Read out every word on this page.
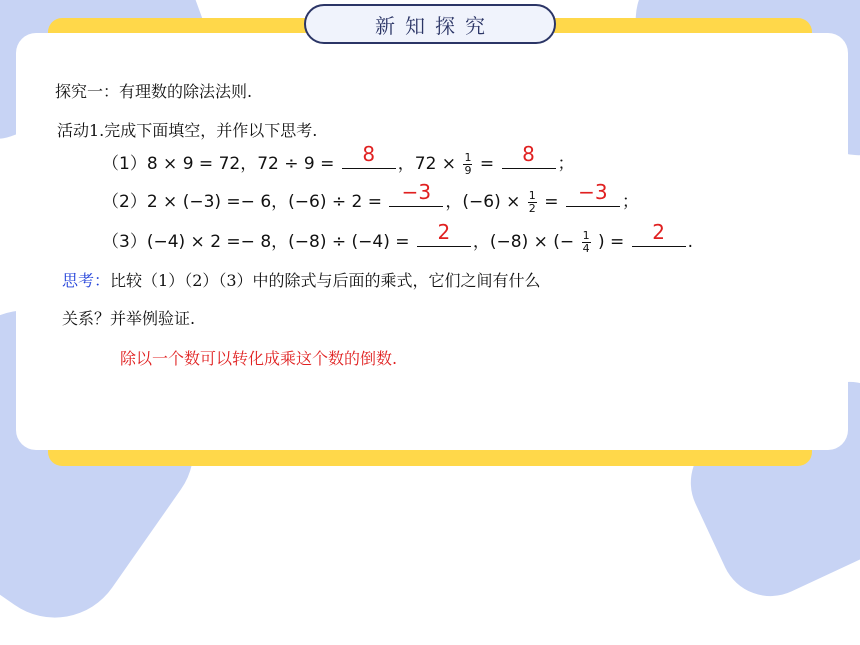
新知探究
探究一：有理数的除法法则.
活动1.完成下面填空，并作以下思考.
（1）8 × 9 = 72，72 ÷ 9 =	8	，$72 \times \frac{1}{9}$ =	8	；
（2）2 × (−3) =− 6，(−6) ÷ 2 = −3 ，$(-6) \times \frac{1}{2} = -3$ ；
（3）(−4) × 2 =− 8，(−8) ÷ (−4) =	2	，(−8) × (− $\frac{1}{4}$ ) =	2	.
思考：比较（1）（2）（3）中的除式与后面的乘式，它们之间有什么
关系？并举例验证.
除以一个数可以转化成乘这个数的倒数.
